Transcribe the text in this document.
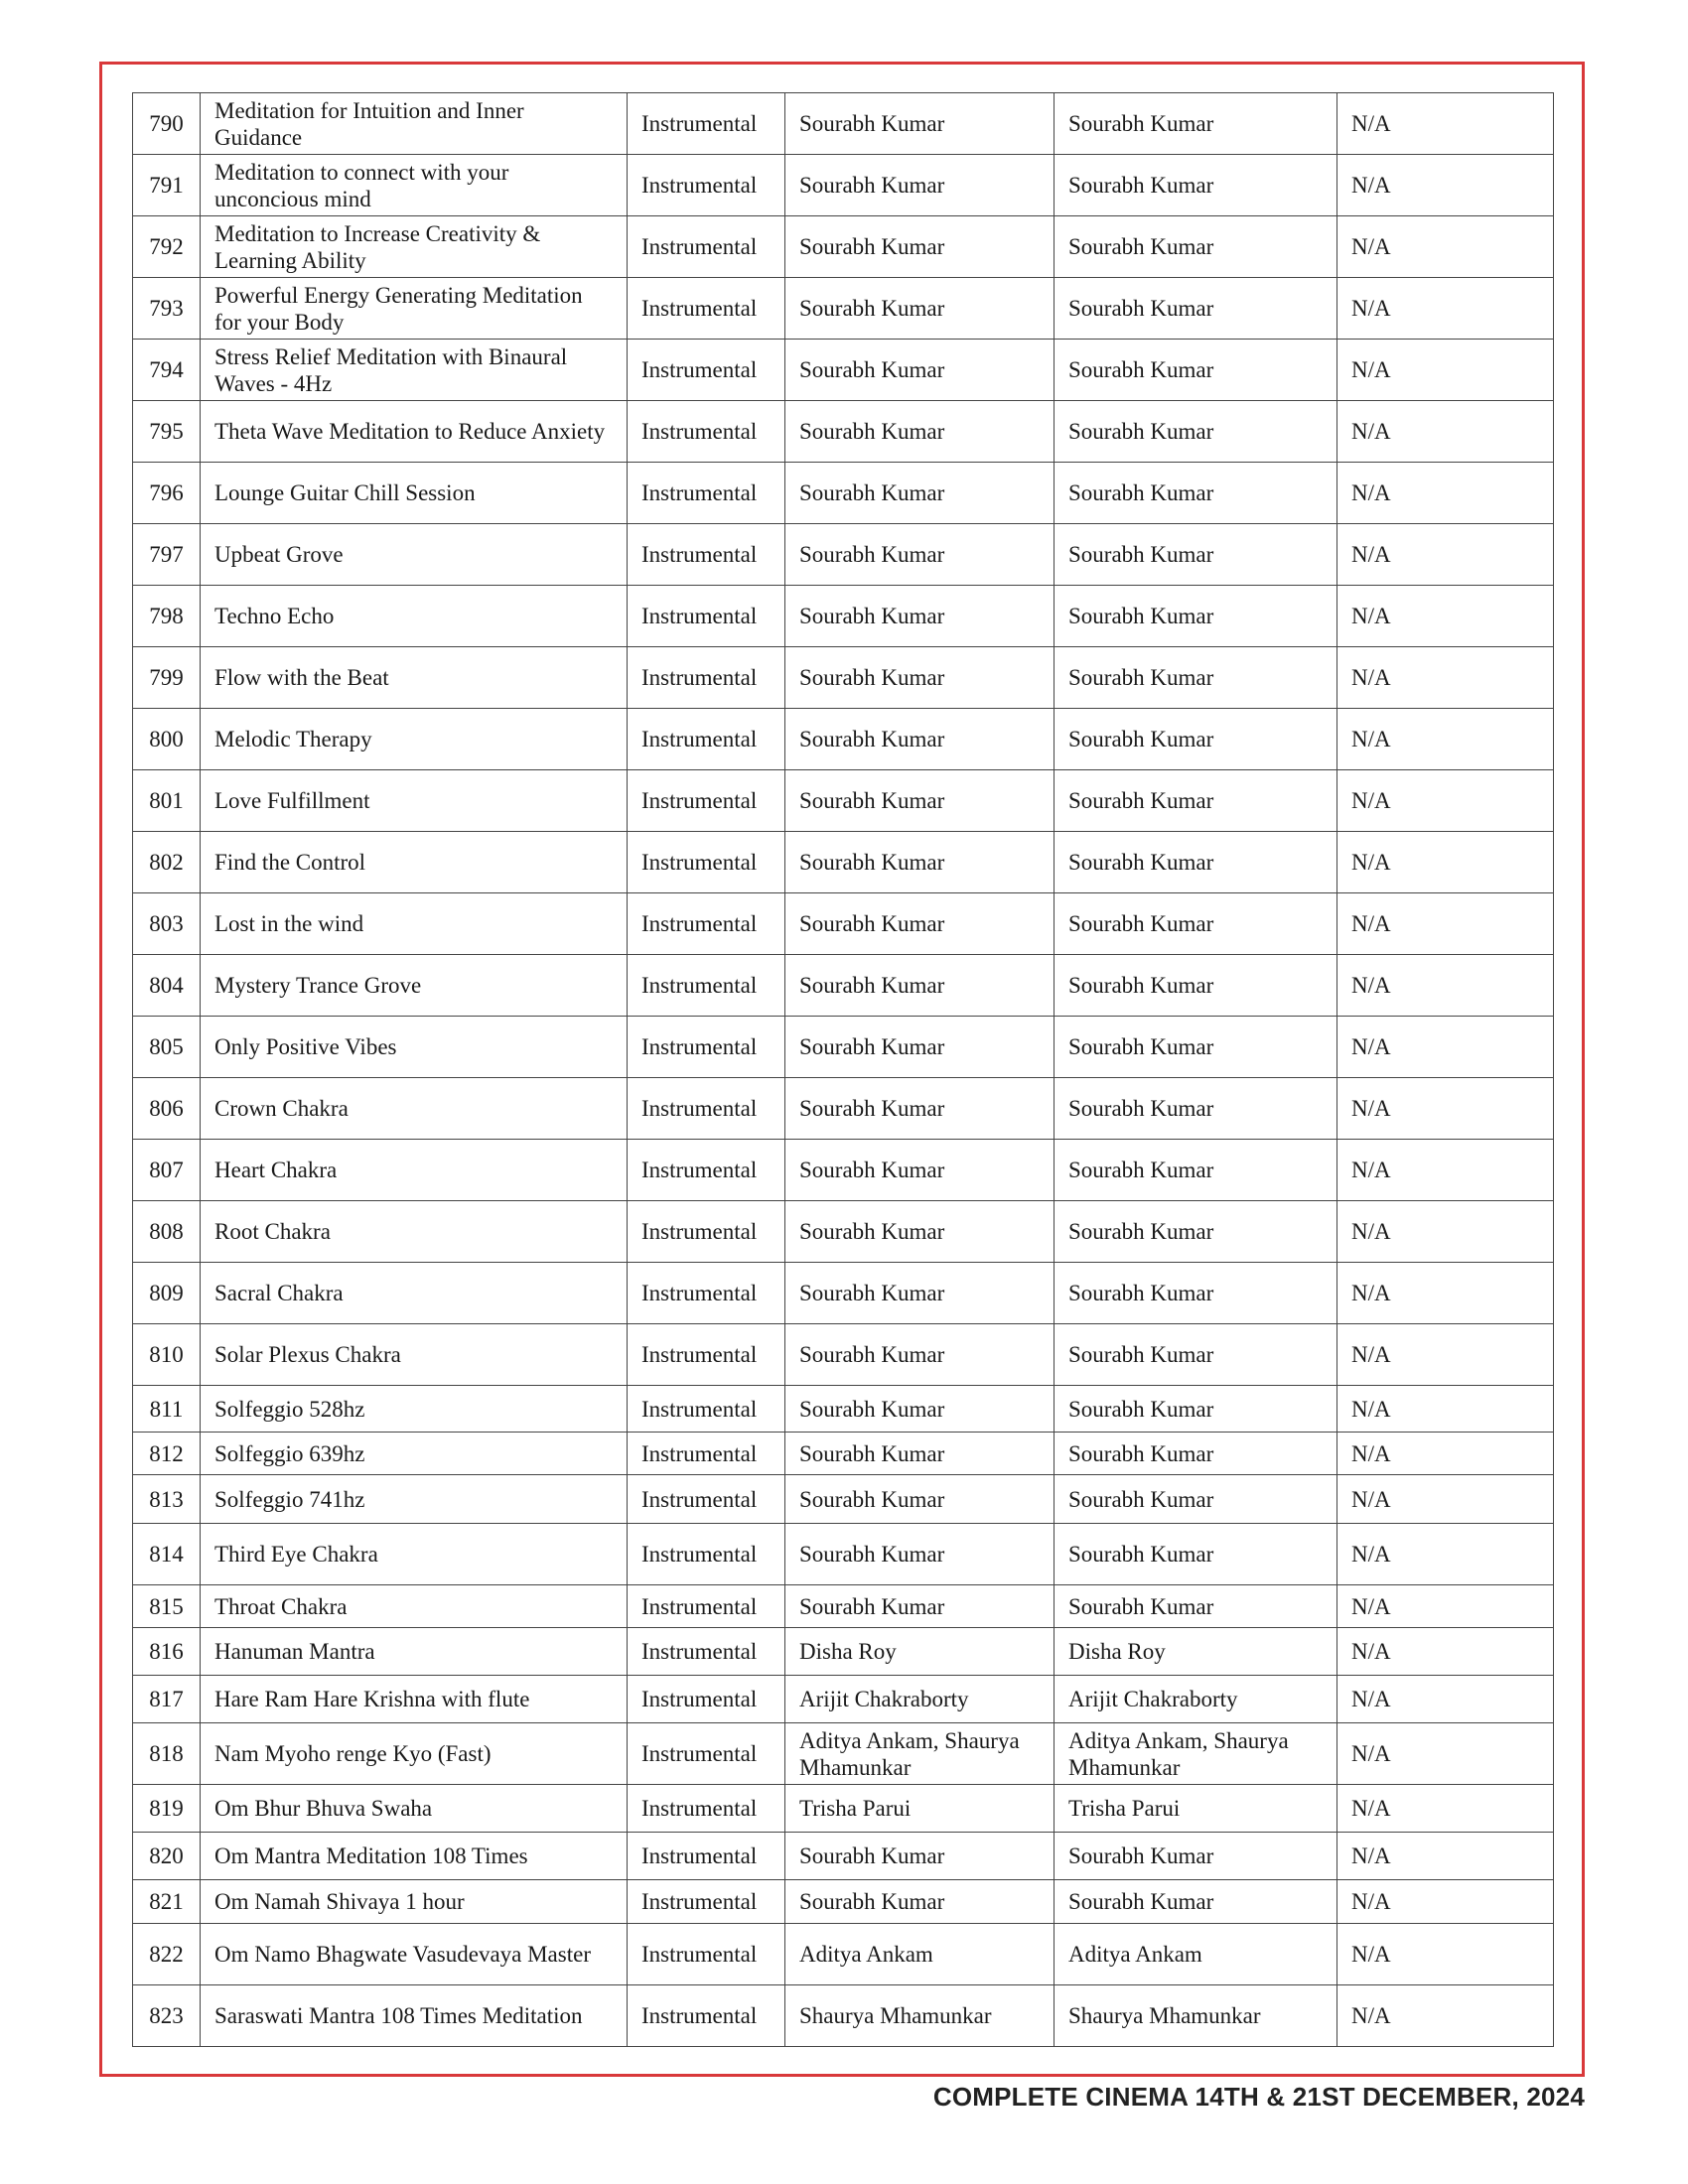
790	Meditation for Intuition and Inner Guidance	Instrumental	Sourabh Kumar	Sourabh Kumar	N/A
791	Meditation to connect with your unconcious mind	Instrumental	Sourabh Kumar	Sourabh Kumar	N/A
792	Meditation to Increase Creativity & Learning Ability	Instrumental	Sourabh Kumar	Sourabh Kumar	N/A
793	Powerful Energy Generating Meditation for your Body	Instrumental	Sourabh Kumar	Sourabh Kumar	N/A
794	Stress Relief Meditation with Binaural Waves - 4Hz	Instrumental	Sourabh Kumar	Sourabh Kumar	N/A
795	Theta Wave Meditation to Reduce Anxiety	Instrumental	Sourabh Kumar	Sourabh Kumar	N/A
796	Lounge Guitar Chill Session	Instrumental	Sourabh Kumar	Sourabh Kumar	N/A
797	Upbeat Grove	Instrumental	Sourabh Kumar	Sourabh Kumar	N/A
798	Techno Echo	Instrumental	Sourabh Kumar	Sourabh Kumar	N/A
799	Flow with the Beat	Instrumental	Sourabh Kumar	Sourabh Kumar	N/A
800	Melodic Therapy	Instrumental	Sourabh Kumar	Sourabh Kumar	N/A
801	Love Fulfillment	Instrumental	Sourabh Kumar	Sourabh Kumar	N/A
802	Find the Control	Instrumental	Sourabh Kumar	Sourabh Kumar	N/A
803	Lost in the wind	Instrumental	Sourabh Kumar	Sourabh Kumar	N/A
804	Mystery Trance Grove	Instrumental	Sourabh Kumar	Sourabh Kumar	N/A
805	Only Positive Vibes	Instrumental	Sourabh Kumar	Sourabh Kumar	N/A
806	Crown Chakra	Instrumental	Sourabh Kumar	Sourabh Kumar	N/A
807	Heart Chakra	Instrumental	Sourabh Kumar	Sourabh Kumar	N/A
808	Root Chakra	Instrumental	Sourabh Kumar	Sourabh Kumar	N/A
809	Sacral Chakra	Instrumental	Sourabh Kumar	Sourabh Kumar	N/A
810	Solar Plexus Chakra	Instrumental	Sourabh Kumar	Sourabh Kumar	N/A
811	Solfeggio 528hz	Instrumental	Sourabh Kumar	Sourabh Kumar	N/A
812	Solfeggio 639hz	Instrumental	Sourabh Kumar	Sourabh Kumar	N/A
813	Solfeggio 741hz	Instrumental	Sourabh Kumar	Sourabh Kumar	N/A
814	Third Eye Chakra	Instrumental	Sourabh Kumar	Sourabh Kumar	N/A
815	Throat Chakra	Instrumental	Sourabh Kumar	Sourabh Kumar	N/A
816	Hanuman Mantra	Instrumental	Disha Roy	Disha Roy	N/A
817	Hare Ram Hare Krishna with flute	Instrumental	Arijit Chakraborty	Arijit Chakraborty	N/A
818	Nam Myoho renge Kyo (Fast)	Instrumental	Aditya Ankam, Shaurya Mhamunkar	Aditya Ankam, Shaurya Mhamunkar	N/A
819	Om Bhur Bhuva Swaha	Instrumental	Trisha Parui	Trisha Parui	N/A
820	Om Mantra Meditation 108 Times	Instrumental	Sourabh Kumar	Sourabh Kumar	N/A
821	Om Namah Shivaya 1 hour	Instrumental	Sourabh Kumar	Sourabh Kumar	N/A
822	Om Namo Bhagwate Vasudevaya Master	Instrumental	Aditya Ankam	Aditya Ankam	N/A
823	Saraswati Mantra 108 Times Meditation	Instrumental	Shaurya Mhamunkar	Shaurya Mhamunkar	N/A
COMPLETE CINEMA 14TH & 21ST DECEMBER, 2024
